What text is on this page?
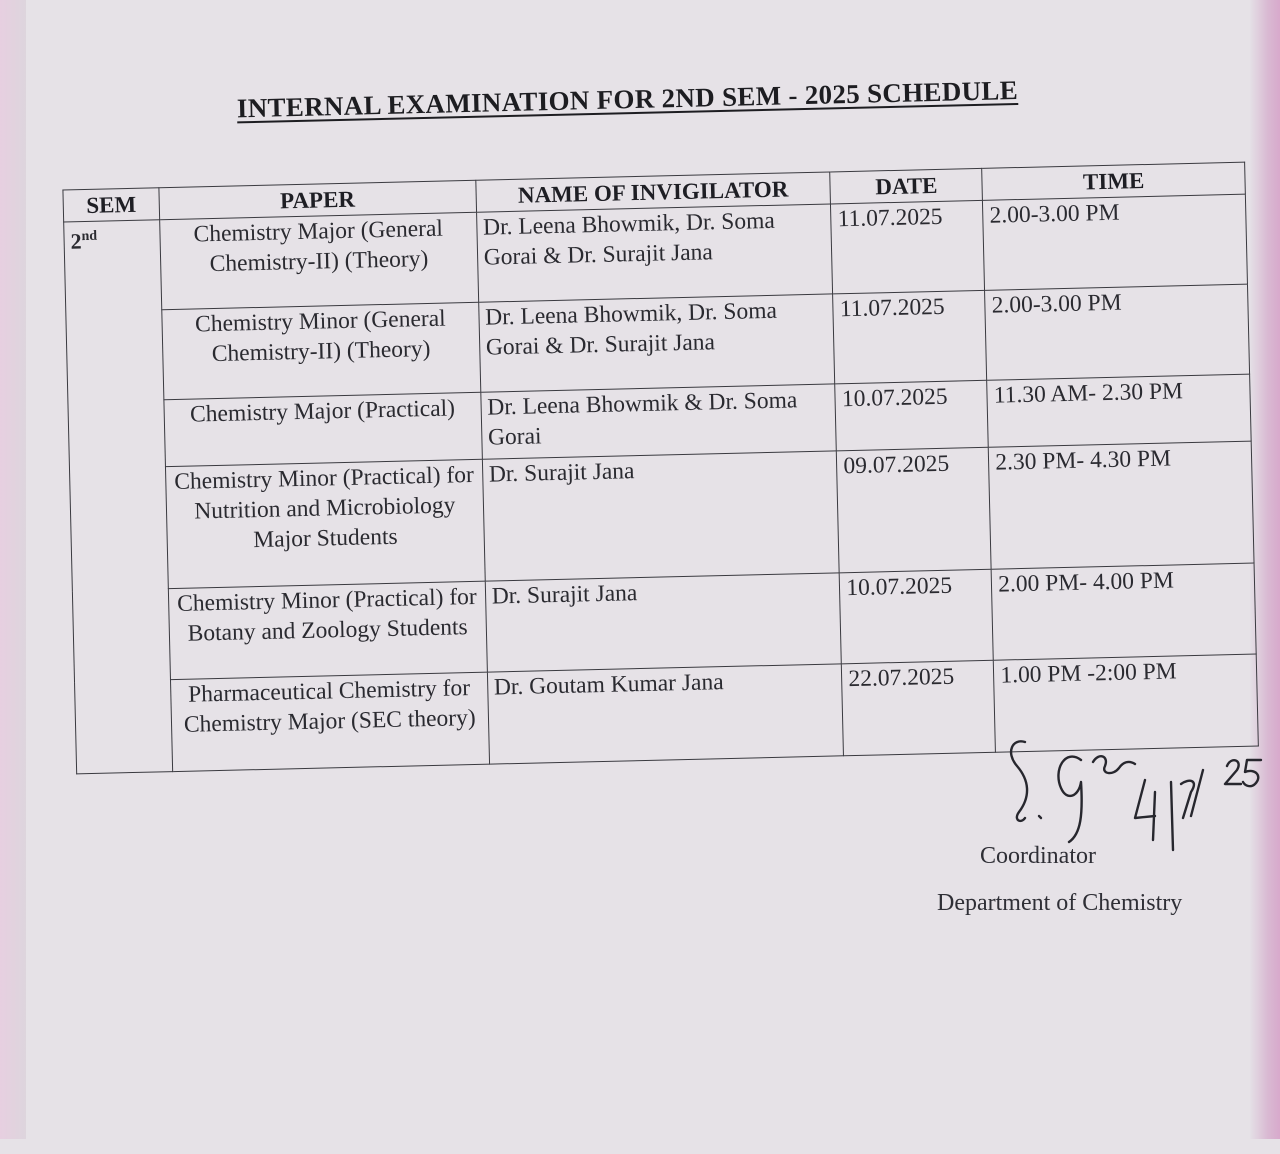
INTERNAL EXAMINATION FOR 2ND SEM - 2025 SCHEDULE
SEM	PAPER	NAME OF INVIGILATOR	DATE	TIME
2nd	Chemistry Major (General Chemistry-II) (Theory)	Dr. Leena Bhowmik, Dr. Soma Gorai & Dr. Surajit Jana	11.07.2025	2.00-3.00 PM
	Chemistry Minor (General Chemistry-II) (Theory)	Dr. Leena Bhowmik, Dr. Soma Gorai & Dr. Surajit Jana	11.07.2025	2.00-3.00 PM
	Chemistry Major (Practical)	Dr. Leena Bhowmik & Dr. Soma Gorai	10.07.2025	11.30 AM- 2.30 PM
	Chemistry Minor (Practical) for Nutrition and Microbiology Major Students	Dr. Surajit Jana	09.07.2025	2.30 PM- 4.30 PM
	Chemistry Minor (Practical) for Botany and Zoology Students	Dr. Surajit Jana	10.07.2025	2.00 PM- 4.00 PM
	Pharmaceutical Chemistry for Chemistry Major (SEC theory)	Dr. Goutam Kumar Jana	22.07.2025	1.00 PM -2:00 PM

Coordinator

Department of Chemistry
